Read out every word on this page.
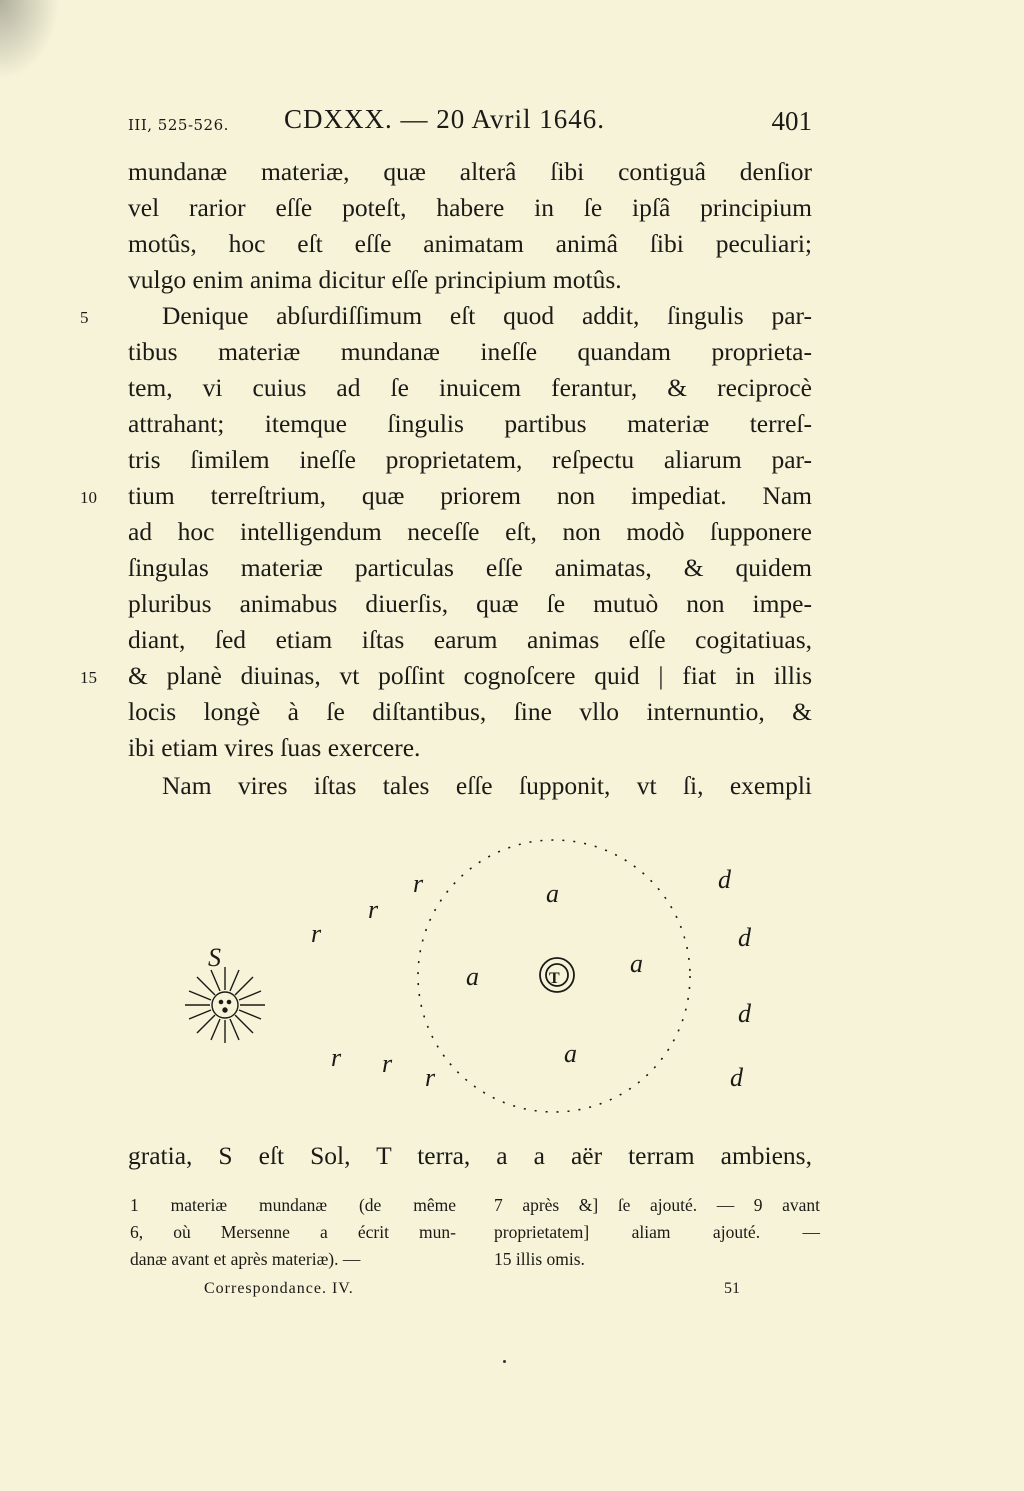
III, 525-526. CDXXX. — 20 Avril 1646.	401
mundanæ materiæ, quæ alterâ ſibi contiguâ denſior
vel rarior eſſe poteſt, habere in ſe ipſâ principium
motûs, hoc eſt eſſe animatam animâ ſibi peculiari;
vulgo enim anima dicitur eſſe principium motûs.
Denique abſurdiſſimum eſt quod addit, ſingulis par-
tibus materiæ mundanæ ineſſe quandam proprieta-
tem, vi cuius ad ſe inuicem ferantur, & reciprocè
attrahant; itemque ſingulis partibus materiæ terreſ-
tris ſimilem ineſſe proprietatem, reſpectu aliarum par-
tium terreſtrium, quæ priorem non impediat. Nam
ad hoc intelligendum neceſſe eſt, non modò ſupponere
ſingulas materiæ particulas eſſe animatas, & quidem
pluribus animabus diuerſis, quæ ſe mutuò non impe-
diant, ſed etiam iſtas earum animas eſſe cogitatiuas,
& planè diuinas, vt poſſint cognoſcere quid | fiat in illis
locis longè à ſe diſtantibus, ſine vllo internuntio, &
ibi etiam vires ſuas exercere.
Nam vires iſtas tales eſſe ſupponit, vt ſi, exempli
5
10
15
S
T
a
a	a
a
r
r
r
r r r
d
d
d
d
gratia, S eſt Sol, T terra, a a aër terram ambiens,
1 materiæ mundanæ (de même
6, où Mersenne a écrit mun-
danæ avant et après materiæ). —
7 après &] ſe ajouté. — 9 avant
proprietatem] aliam ajouté. —
15 illis omis.
Correspondance. IV.	51
